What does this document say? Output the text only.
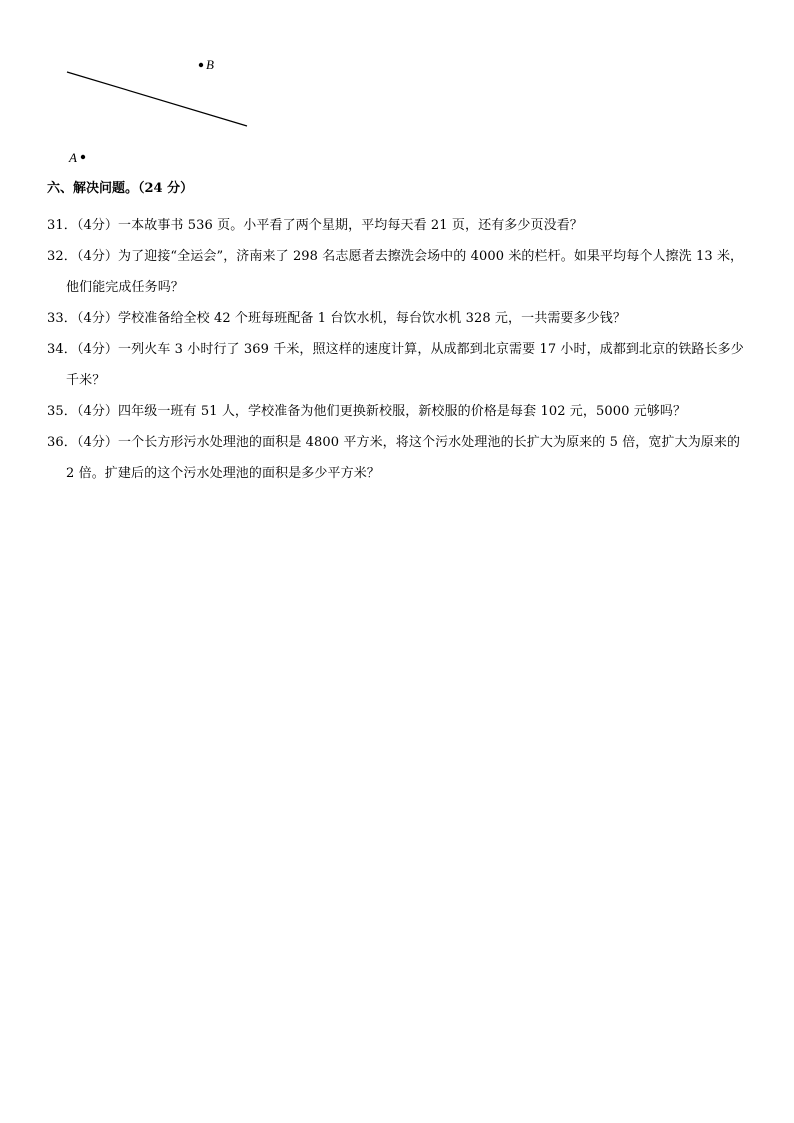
B
A
六、解决问题。（24 分）
31．（4分）一本故事书 536 页。小平看了两个星期，平均每天看 21 页，还有多少页没看？
32．（4分）为了迎接“全运会”，济南来了 298 名志愿者去擦洗会场中的 4000 米的栏杆。如果平均每个人擦洗 13 米，他们能完成任务吗？
33．（4分）学校准备给全校 42 个班每班配备 1 台饮水机，每台饮水机 328 元，一共需要多少钱？
34．（4分）一列火车 3 小时行了 369 千米，照这样的速度计算，从成都到北京需要 17 小时，成都到北京的铁路长多少千米？
35．（4分）四年级一班有 51 人，学校准备为他们更换新校服，新校服的价格是每套 102 元，5000 元够吗？
36．（4分）一个长方形污水处理池的面积是 4800 平方米，将这个污水处理池的长扩大为原来的 5 倍，宽扩大为原来的 2 倍。扩建后的这个污水处理池的面积是多少平方米？
